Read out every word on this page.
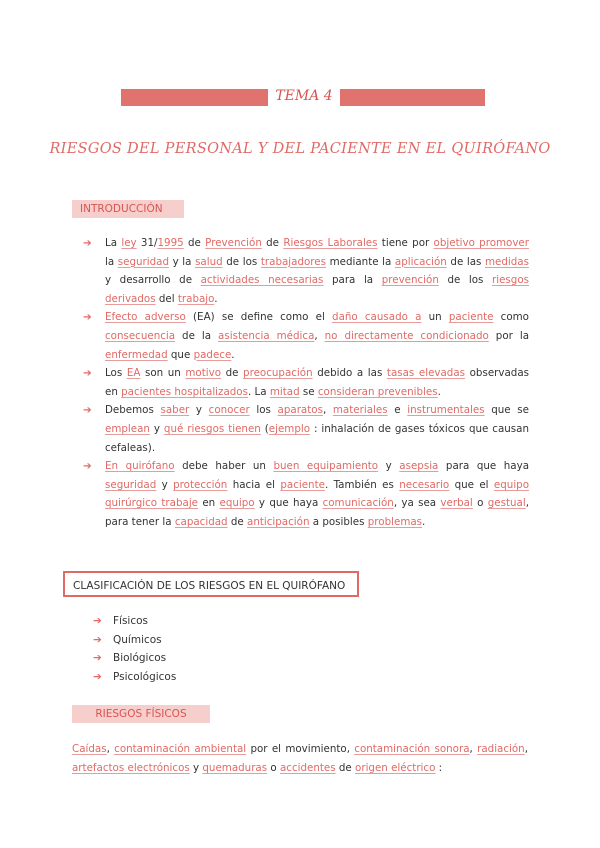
TEMA 4
RIESGOS DEL PERSONAL Y DEL PACIENTE EN EL QUIRÓFANO
INTRODUCCIÓN
➔ La ley 31/1995 de Prevención de Riesgos Laborales tiene por objetivo promover la seguridad y la salud de los trabajadores mediante la aplicación de las medidas y desarrollo de actividades necesarias para la prevención de los riesgos derivados del trabajo.
➔ Efecto adverso (EA) se define como el daño causado a un paciente como consecuencia de la asistencia médica, no directamente condicionado por la enfermedad que padece.
➔ Los EA son un motivo de preocupación debido a las tasas elevadas observadas en pacientes hospitalizados. La mitad se consideran prevenibles.
➔ Debemos saber y conocer los aparatos, materiales e instrumentales que se emplean y qué riesgos tienen (ejemplo : inhalación de gases tóxicos que causan cefaleas).
➔ En quirófano debe haber un buen equipamiento y asepsia para que haya seguridad y protección hacia el paciente. También es necesario que el equipo quirúrgico trabaje en equipo y que haya comunicación, ya sea verbal o gestual, para tener la capacidad de anticipación a posibles problemas.
CLASIFICACIÓN DE LOS RIESGOS EN EL QUIRÓFANO
➔ Físicos
➔ Químicos
➔ Biológicos
➔ Psicológicos
RIESGOS FÍSICOS
Caídas, contaminación ambiental por el movimiento, contaminación sonora, radiación, artefactos electrónicos y quemaduras o accidentes de origen eléctrico :
